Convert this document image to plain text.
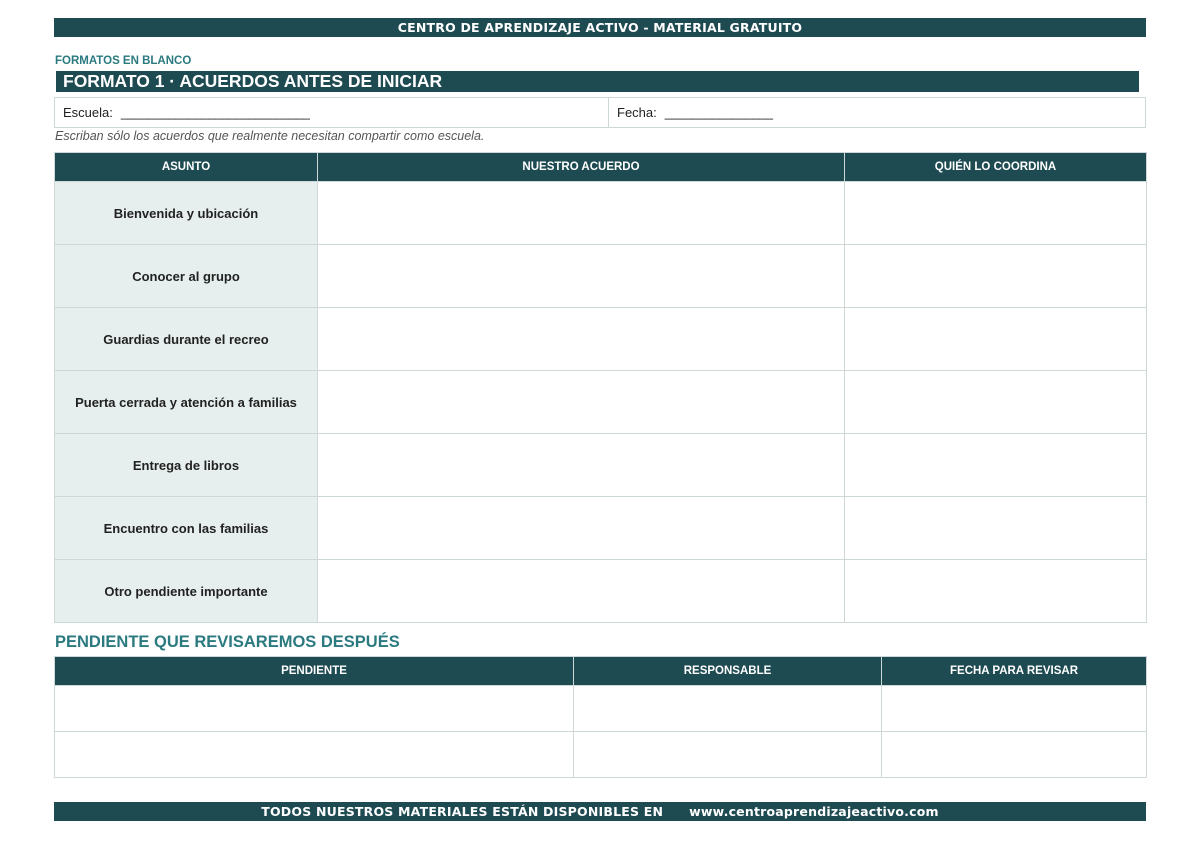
CENTRO DE APRENDIZAJE ACTIVO - MATERIAL GRATUITO
FORMATOS EN BLANCO
FORMATO 1 · ACUERDOS ANTES DE INICIAR
Escuela: ____________________________	Fecha: ________________
Escriban sólo los acuerdos que realmente necesitan compartir como escuela.
ASUNTO	NUESTRO ACUERDO	QUIÉN LO COORDINA
Bienvenida y ubicación		
Conocer al grupo		
Guardias durante el recreo		
Puerta cerrada y atención a familias		
Entrega de libros		
Encuentro con las familias		
Otro pendiente importante		
PENDIENTE QUE REVISAREMOS DESPUÉS
PENDIENTE	RESPONSABLE	FECHA PARA REVISAR

TODOS NUESTROS MATERIALES ESTÁN DISPONIBLES EN www.centroaprendizajeactivo.com
